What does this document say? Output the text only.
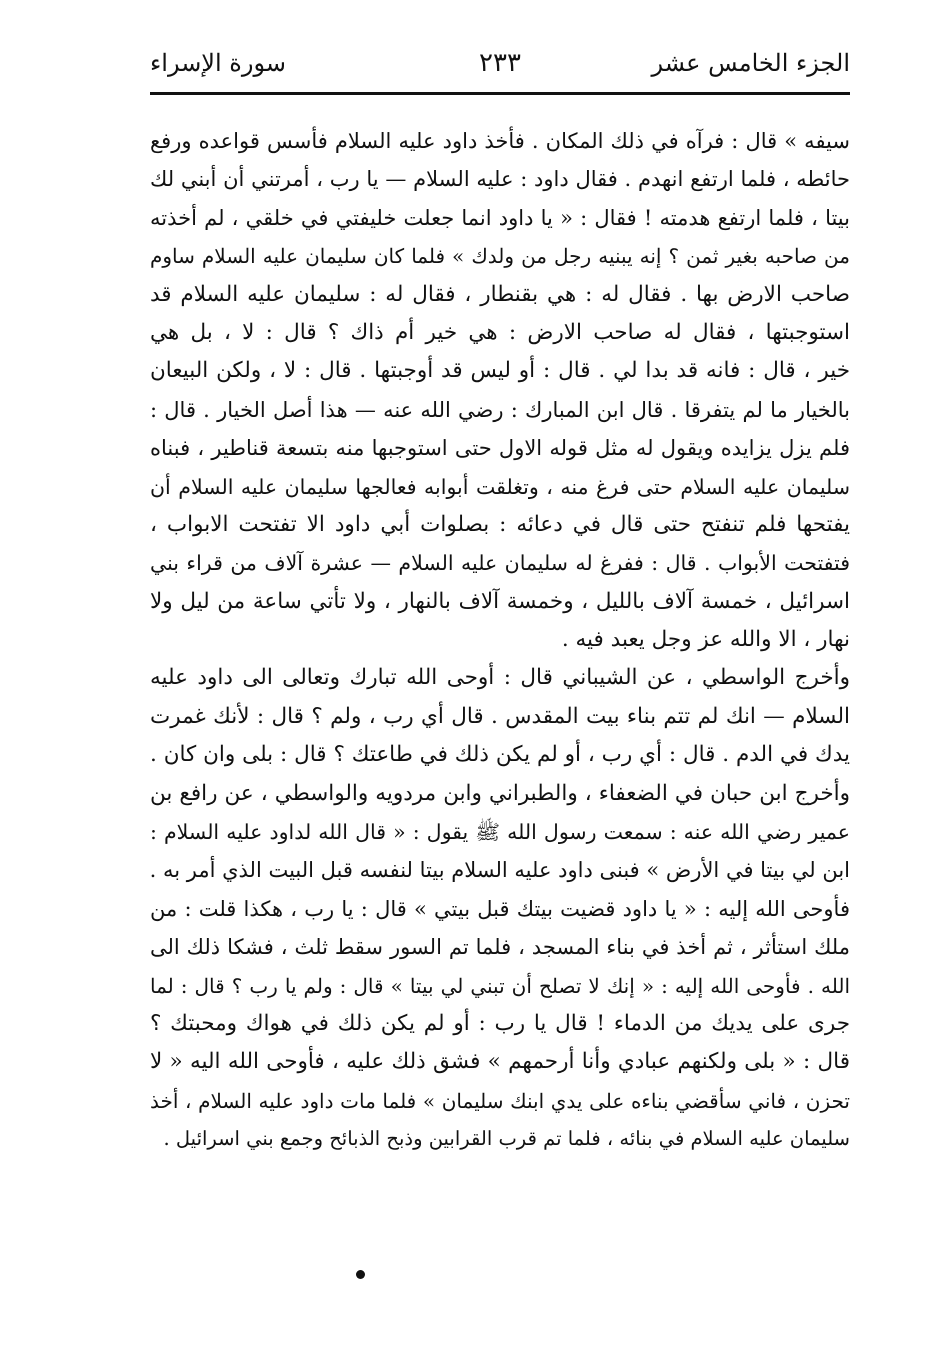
الجزء الخامس عشر
٢٣٣
سورة الإسراء
سيفه » قال : فرآه في ذلك المكان . فأخذ داود عليه السلام فأسس قواعده ورفع
حائطه ، فلما ارتفع انهدم . فقال داود : عليه السلام — يا رب ، أمرتني أن أبني لك
بيتا ، فلما ارتفع هدمته ! فقال : « يا داود انما جعلت خليفتي في خلقي ، لم أخذته
من صاحبه بغير ثمن ؟ إنه يبنيه رجل من ولدك » فلما كان سليمان عليه السلام ساوم
صاحب الارض بها . فقال له : هي بقنطار ، فقال له : سليمان عليه السلام قد
استوجبتها ، فقال له صاحب الارض : هي خير أم ذاك ؟ قال : لا ، بل هي
خير ، قال : فانه قد بدا لي . قال : أو ليس قد أوجبتها . قال : لا ، ولكن البيعان
بالخيار ما لم يتفرقا . قال ابن المبارك : رضي الله عنه — هذا أصل الخيار . قال :
فلم يزل يزايده ويقول له مثل قوله الاول حتى استوجبها منه بتسعة قناطير ، فبناه
سليمان عليه السلام حتى فرغ منه ، وتغلقت أبوابه فعالجها سليمان عليه السلام أن
يفتحها فلم تنفتح حتى قال في دعائه : بصلوات أبي داود الا تفتحت الابواب ،
فتفتحت الأبواب . قال : ففرغ له سليمان عليه السلام — عشرة آلاف من قراء بني
اسرائيل ، خمسة آلاف بالليل ، وخمسة آلاف بالنهار ، ولا تأتي ساعة من ليل ولا
نهار ، الا والله عز وجل يعبد فيه .
وأخرج الواسطي ، عن الشيباني قال : أوحى الله تبارك وتعالى الى داود عليه
السلام — انك لم تتم بناء بيت المقدس . قال أي رب ، ولم ؟ قال : لأنك غمرت
يدك في الدم . قال : أي رب ، أو لم يكن ذلك في طاعتك ؟ قال : بلى وان كان .
وأخرج ابن حبان في الضعفاء ، والطبراني وابن مردويه والواسطي ، عن رافع بن
عمير رضي الله عنه : سمعت رسول الله ﷺ يقول : « قال الله لداود عليه السلام :
ابن لي بيتا في الأرض » فبنى داود عليه السلام بيتا لنفسه قبل البيت الذي أمر به .
فأوحى الله إليه : « يا داود قضيت بيتك قبل بيتي » قال : يا رب ، هكذا قلت : من
ملك استأثر ، ثم أخذ في بناء المسجد ، فلما تم السور سقط ثلث ، فشكا ذلك الى
الله . فأوحى الله إليه : « إنك لا تصلح أن تبني لي بيتا » قال : ولم يا رب ؟ قال : لما
جرى على يديك من الدماء ! قال يا رب : أو لم يكن ذلك في هواك ومحبتك ؟
قال : « بلى ولكنهم عبادي وأنا أرحمهم » فشق ذلك عليه ، فأوحى الله اليه « لا
تحزن ، فاني سأقضي بناءه على يدي ابنك سليمان » فلما مات داود عليه السلام ، أخذ
سليمان عليه السلام في بنائه ، فلما تم قرب القرابين وذبح الذبائح وجمع بني اسرائيل .
